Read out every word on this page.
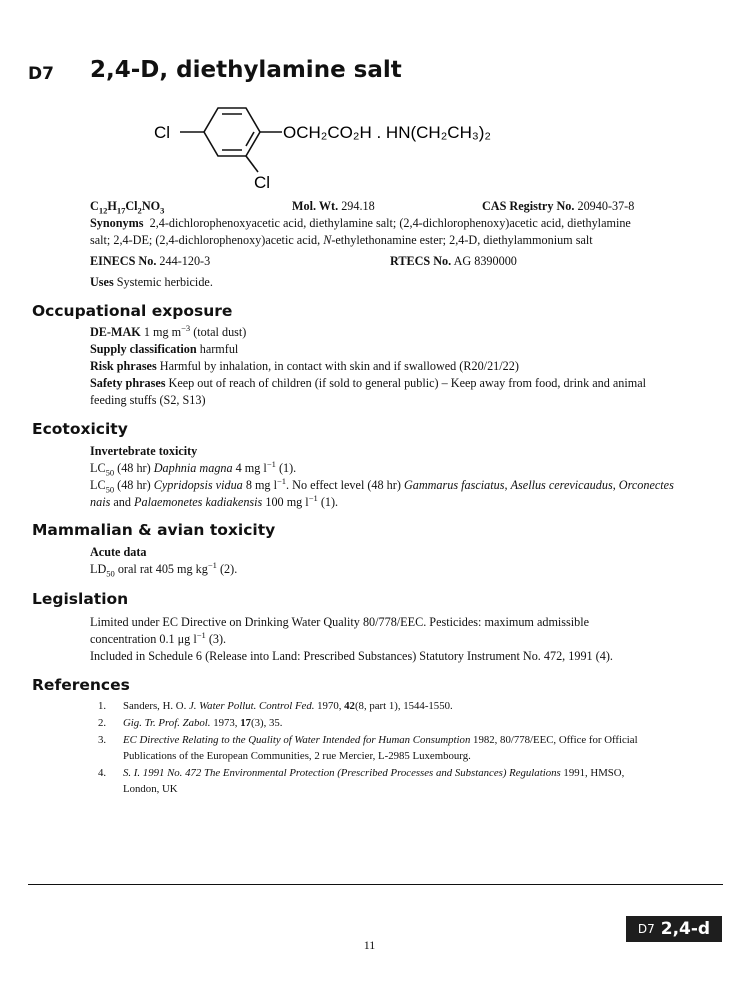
D7 2,4-D, diethylamine salt
Cl
Cl
OCH₂CO₂H . HN(CH₂CH₃)₂
$C_{12}H_{17}Cl_2NO_3$	Mol. Wt. 294.18	CAS Registry No. 20940-37-8
Synonyms 2,4-dichlorophenoxyacetic acid, diethylamine salt; (2,4-dichlorophenoxy)acetic acid, diethylamine
salt; 2,4-DE; (2,4-dichlorophenoxy)acetic acid, N-ethylethonamine ester; 2,4-D, diethylammonium salt
EINECS No. 244-120-3	RTECS No. AG 8390000
Uses Systemic herbicide.
Occupational exposure
DE-MAK 1 mg $m^{-3}$ (total dust)
Supply classification harmful
Risk phrases Harmful by inhalation, in contact with skin and if swallowed (R20/21/22)
Safety phrases Keep out of reach of children (if sold to general public) – Keep away from food, drink and animal
feeding stuffs (S2, S13)
Ecotoxicity
Invertebrate toxicity
$LC_{50}$ (48 hr) Daphnia magna 4 mg $l^{-1}$ (1).
$LC_{50}$ (48 hr) Cypridopsis vidua 8 mg $l^{-1}$. No effect level (48 hr) Gammarus fasciatus, Asellus cerevicaudus, Orconectes
nais and Palaemonetes kadiakensis 100 mg $l^{-1}$ (1).
Mammalian & avian toxicity
Acute data
$LD_{50}$ oral rat 405 mg $kg^{-1}$ (2).
Legislation
Limited under EC Directive on Drinking Water Quality 80/778/EEC. Pesticides: maximum admissible
concentration 0.1 μg $l^{-1}$ (3).
Included in Schedule 6 (Release into Land: Prescribed Substances) Statutory Instrument No. 472, 1991 (4).
References
1. Sanders, H. O. J. Water Pollut. Control Fed. 1970, 42(8, part 1), 1544-1550.
2. Gig. Tr. Prof. Zabol. 1973, 17(3), 35.
3. EC Directive Relating to the Quality of Water Intended for Human Consumption 1982, 80/778/EEC, Office for Official Publications of the European Communities, 2 rue Mercier, L-2985 Luxembourg.
4. S. I. 1991 No. 472 The Environmental Protection (Prescribed Processes and Substances) Regulations 1991, HMSO, London, UK
D7 2,4-d
11
